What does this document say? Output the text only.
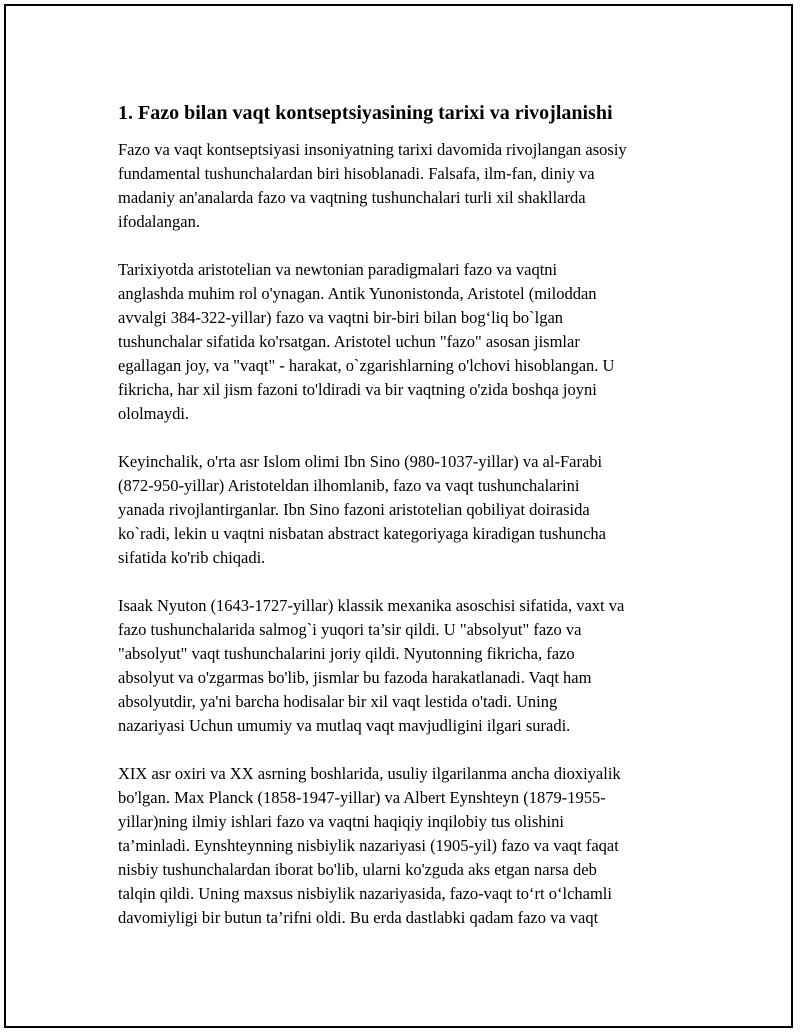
1. Fazo bilan vaqt kontseptsiyasining tarixi va rivojlanishi

Fazo va vaqt kontseptsiyasi insoniyatning tarixi davomida rivojlangan asosiy
fundamental tushunchalardan biri hisoblanadi. Falsafa, ilm-fan, diniy va
madaniy an'analarda fazo va vaqtning tushunchalari turli xil shakllarda
ifodalangan.

Tarixiyotda aristotelian va newtonian paradigmalari fazo va vaqtni
anglashda muhim rol o'ynagan. Antik Yunonistonda, Aristotel (miloddan
avvalgi 384-322-yillar) fazo va vaqtni bir-biri bilan bog‘liq bo`lgan
tushunchalar sifatida ko'rsatgan. Aristotel uchun "fazo" asosan jismlar
egallagan joy, va "vaqt" - harakat, o`zgarishlarning o'lchovi hisoblangan. U
fikricha, har xil jism fazoni to'ldiradi va bir vaqtning o'zida boshqa joyni
ololmaydi.

Keyinchalik, o'rta asr Islom olimi Ibn Sino (980-1037-yillar) va al-Farabi
(872-950-yillar) Aristoteldan ilhomlanib, fazo va vaqt tushunchalarini
yanada rivojlantirganlar. Ibn Sino fazoni aristotelian qobiliyat doirasida
ko`radi, lekin u vaqtni nisbatan abstract kategoriyaga kiradigan tushuncha
sifatida ko'rib chiqadi.

Isaak Nyuton (1643-1727-yillar) klassik mexanika asoschisi sifatida, vaxt va
fazo tushunchalarida salmog`i yuqori ta’sir qildi. U "absolyut" fazo va
"absolyut" vaqt tushunchalarini joriy qildi. Nyutonning fikricha, fazo
absolyut va o'zgarmas bo'lib, jismlar bu fazoda harakatlanadi. Vaqt ham
absolyutdir, ya'ni barcha hodisalar bir xil vaqt lestida o'tadi. Uning
nazariyasi Uchun umumiy va mutlaq vaqt mavjudligini ilgari suradi.

XIX asr oxiri va XX asrning boshlarida, usuliy ilgarilanma ancha dioxiyalik
bo'lgan. Max Planck (1858-1947-yillar) va Albert Eynshteyn (1879-1955-
yillar)ning ilmiy ishlari fazo va vaqtni haqiqiy inqilobiy tus olishini
ta’minladi. Eynshteynning nisbiylik nazariyasi (1905-yil) fazo va vaqt faqat
nisbiy tushunchalardan iborat bo'lib, ularni ko'zguda aks etgan narsa deb
talqin qildi. Uning maxsus nisbiylik nazariyasida, fazo-vaqt to‘rt o‘lchamli
davomiyligi bir butun ta’rifni oldi. Bu erda dastlabki qadam fazo va vaqt
